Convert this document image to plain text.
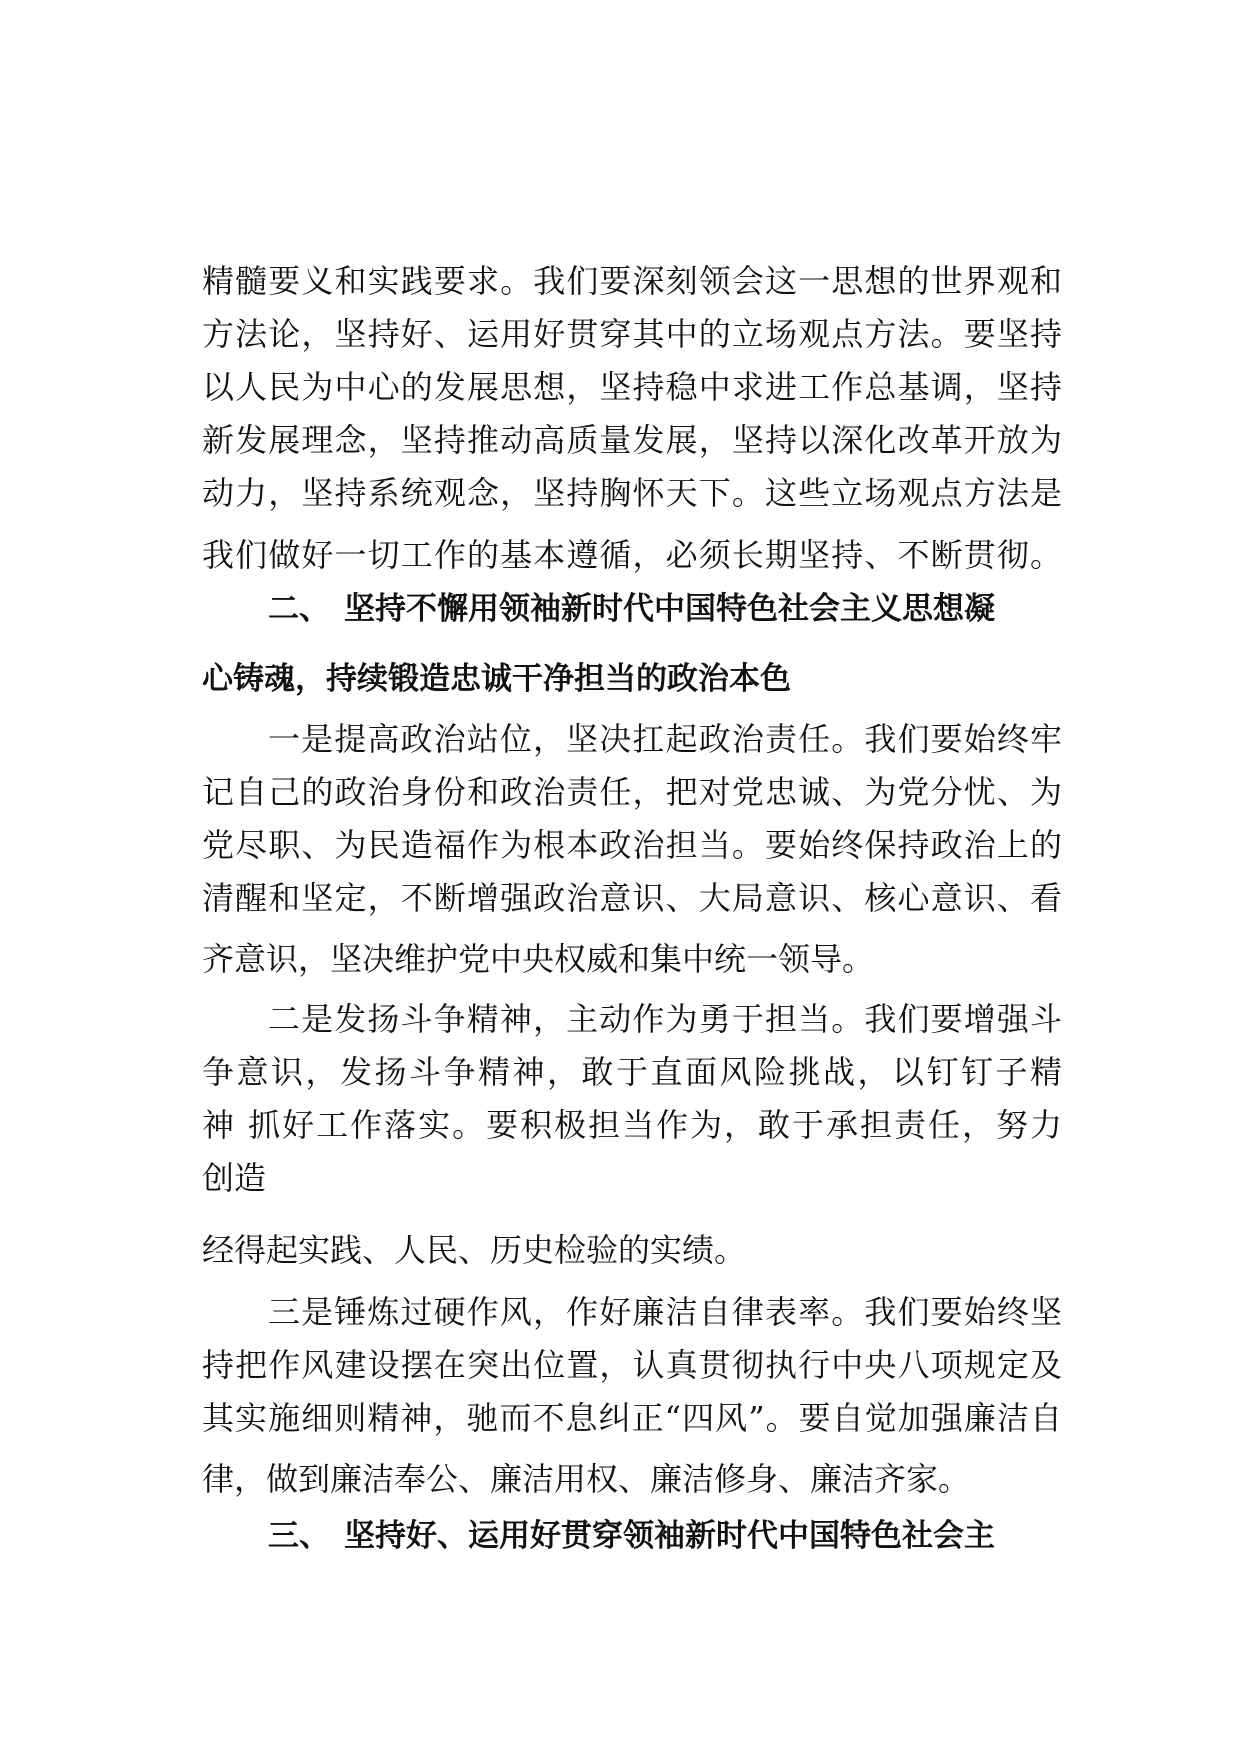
精髓要义和实践要求。我们要深刻领会这一思想的世界观和
方法论，坚持好、运用好贯穿其中的立场观点方法。要坚持
以人民为中心的发展思想，坚持稳中求进工作总基调，坚持
新发展理念，坚持推动高质量发展，坚持以深化改革开放为
动力，坚持系统观念，坚持胸怀天下。这些立场观点方法是
我们做好一切工作的基本遵循，必须长期坚持、不断贯彻。
二、 坚持不懈用领袖新时代中国特色社会主义思想凝
心铸魂，持续锻造忠诚干净担当的政治本色
一是提高政治站位，坚决扛起政治责任。我们要始终牢
记自己的政治身份和政治责任，把对党忠诚、为党分忧、为
党尽职、为民造福作为根本政治担当。要始终保持政治上的
清醒和坚定，不断增强政治意识、大局意识、核心意识、看
齐意识，坚决维护党中央权威和集中统一领导。
二是发扬斗争精神，主动作为勇于担当。我们要增强斗
争意识，发扬斗争精神，敢于直面风险挑战，以钉钉子精
神 抓好工作落实。要积极担当作为，敢于承担责任，努力
创造
经得起实践、人民、历史检验的实绩。
三是锤炼过硬作风，作好廉洁自律表率。我们要始终坚
持把作风建设摆在突出位置，认真贯彻执行中央八项规定及
其实施细则精神，驰而不息纠正“四风”。要自觉加强廉洁自
律，做到廉洁奉公、廉洁用权、廉洁修身、廉洁齐家。
三、 坚持好、运用好贯穿领袖新时代中国特色社会主
